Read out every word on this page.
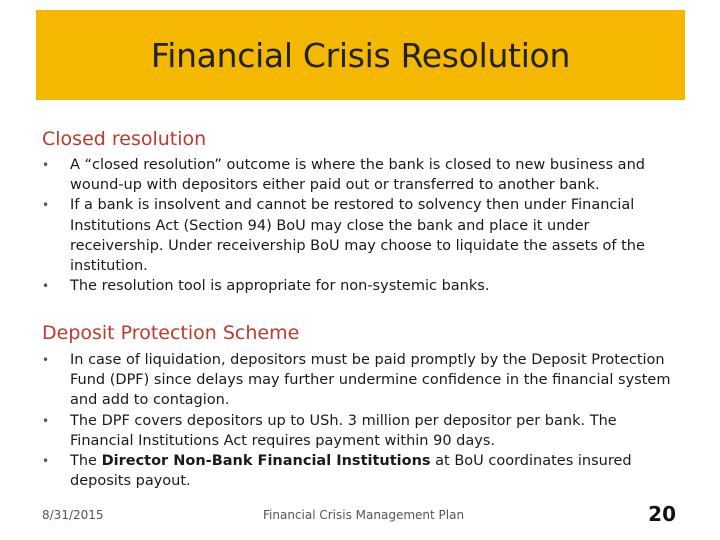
Financial Crisis Resolution
Closed resolution
• A “closed resolution” outcome is where the bank is closed to new business and wound-up with depositors either paid out or transferred to another bank.
• If a bank is insolvent and cannot be restored to solvency then under Financial Institutions Act (Section 94) BoU may close the bank and place it under receivership. Under receivership BoU may choose to liquidate the assets of the institution.
• The resolution tool is appropriate for non-systemic banks.
Deposit Protection Scheme
• In case of liquidation, depositors must be paid promptly by the Deposit Protection Fund (DPF) since delays may further undermine confidence in the financial system and add to contagion.
• The DPF covers depositors up to USh. 3 million per depositor per bank. The Financial Institutions Act requires payment within 90 days.
• The Director Non-Bank Financial Institutions at BoU coordinates insured deposits payout.
8/31/2015	Financial Crisis Management Plan	20
